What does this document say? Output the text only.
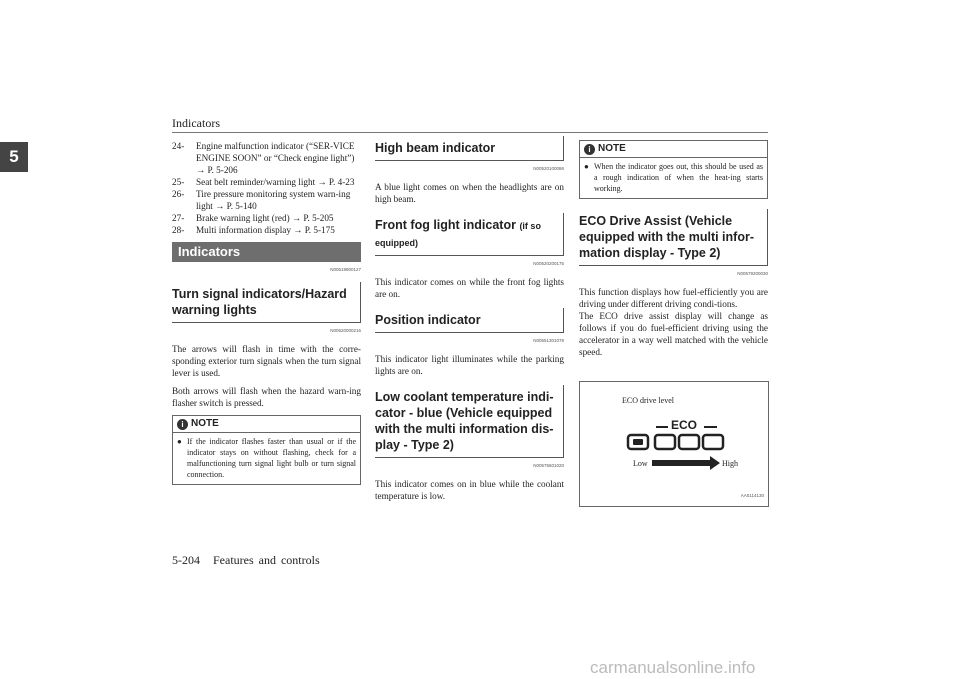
Indicators
5
24- Engine malfunction indicator (“SER-VICE ENGINE SOON” or “Check engine light”) → P. 5-206
25- Seat belt reminder/warning light → P. 4-23
26- Tire pressure monitoring system warn-ing light → P. 5-140
27- Brake warning light (red) → P. 5-205
28- Multi information display → P. 5-175
Indicators
N00519900127
Turn signal indicators/Hazard warning lights
N00520000216

The arrows will flash in time with the corre-sponding exterior turn signals when the turn signal lever is used.

Both arrows will flash when the hazard warn-ing flasher switch is pressed.

i NOTE
● If the indicator flashes faster than usual or if the indicator stays on without flashing, check for a malfunctioning turn signal light bulb or turn signal connection.
High beam indicator
N00520100086

A blue light comes on when the headlights are on high beam.

Front fog light indicator (if so equipped)
N00520200175

This indicator comes on while the front fog lights are on.

Position indicator
N00551301078

This indicator light illuminates while the parking lights are on.

Low coolant temperature indi-cator - blue (Vehicle equipped with the multi information dis-play - Type 2)
N00575601020

This indicator comes on in blue while the coolant temperature is low.

i NOTE
● When the indicator goes out, this should be used as a rough indication of when the heat-ing starts working.
ECO Drive Assist (Vehicle equipped with the multi infor-mation display - Type 2)
N00579200030

This function displays how fuel-efficiently you are driving under different driving condi-tions.

The ECO drive assist display will change as follows if you do fuel-efficient driving using the accelerator in a way well matched with the vehicle speed.

ECO drive level
ECO
Low	High
AA0114130
5-204 Features and controls
carmanualsonline.info
